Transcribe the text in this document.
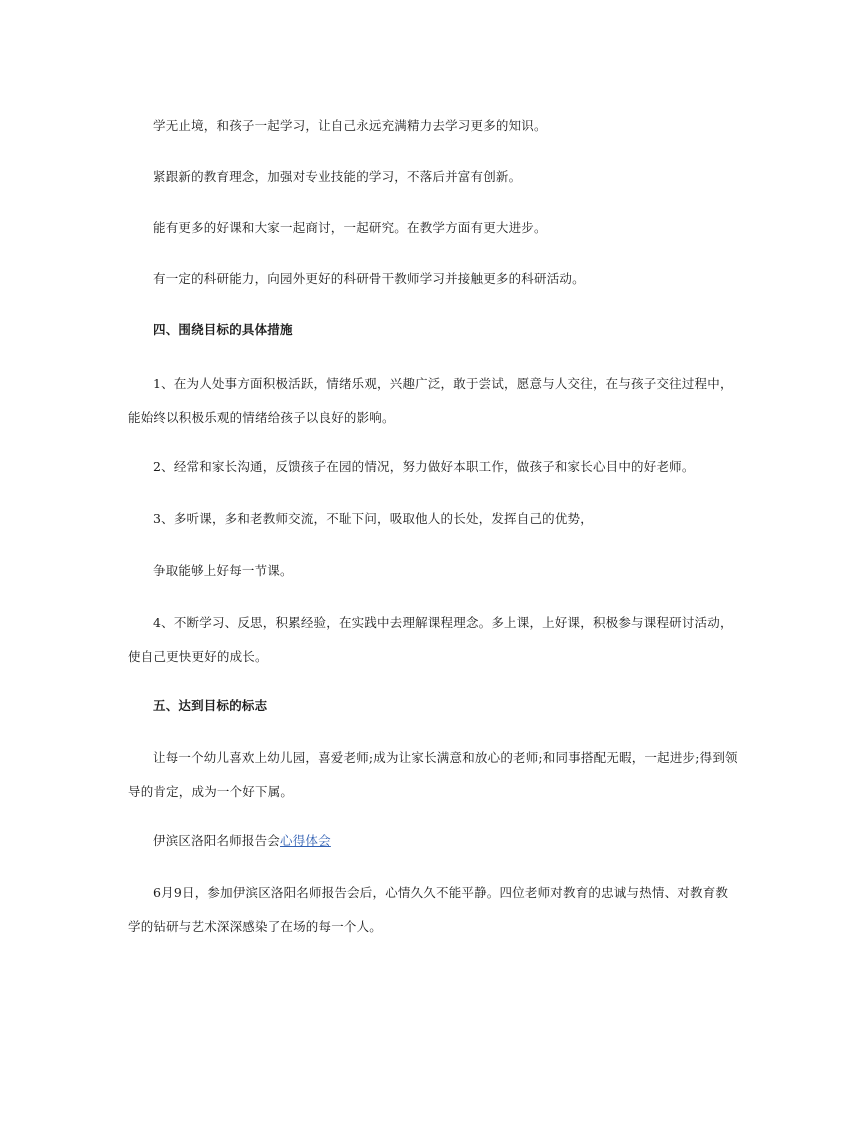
学无止境，和孩子一起学习，让自己永远充满精力去学习更多的知识。

紧跟新的教育理念，加强对专业技能的学习，不落后并富有创新。

能有更多的好课和大家一起商讨，一起研究。在教学方面有更大进步。

有一定的科研能力，向园外更好的科研骨干教师学习并接触更多的科研活动。

四、围绕目标的具体措施

1、在为人处事方面积极活跃，情绪乐观，兴趣广泛，敢于尝试，愿意与人交往，在与孩子交往过程中，能始终以积极乐观的情绪给孩子以良好的影响。

2、经常和家长沟通，反馈孩子在园的情况，努力做好本职工作，做孩子和家长心目中的好老师。

3、多听课，多和老教师交流，不耻下问，吸取他人的长处，发挥自己的优势，

争取能够上好每一节课。

4、不断学习、反思，积累经验，在实践中去理解课程理念。多上课，上好课，积极参与课程研讨活动，使自己更快更好的成长。

五、达到目标的标志

让每一个幼儿喜欢上幼儿园，喜爱老师;成为让家长满意和放心的老师;和同事搭配无暇，一起进步;得到领导的肯定，成为一个好下属。

伊滨区洛阳名师报告会心得体会

6月9日，参加伊滨区洛阳名师报告会后，心情久久不能平静。四位老师对教育的忠诚与热情、对教育教学的钻研与艺术深深感染了在场的每一个人。
